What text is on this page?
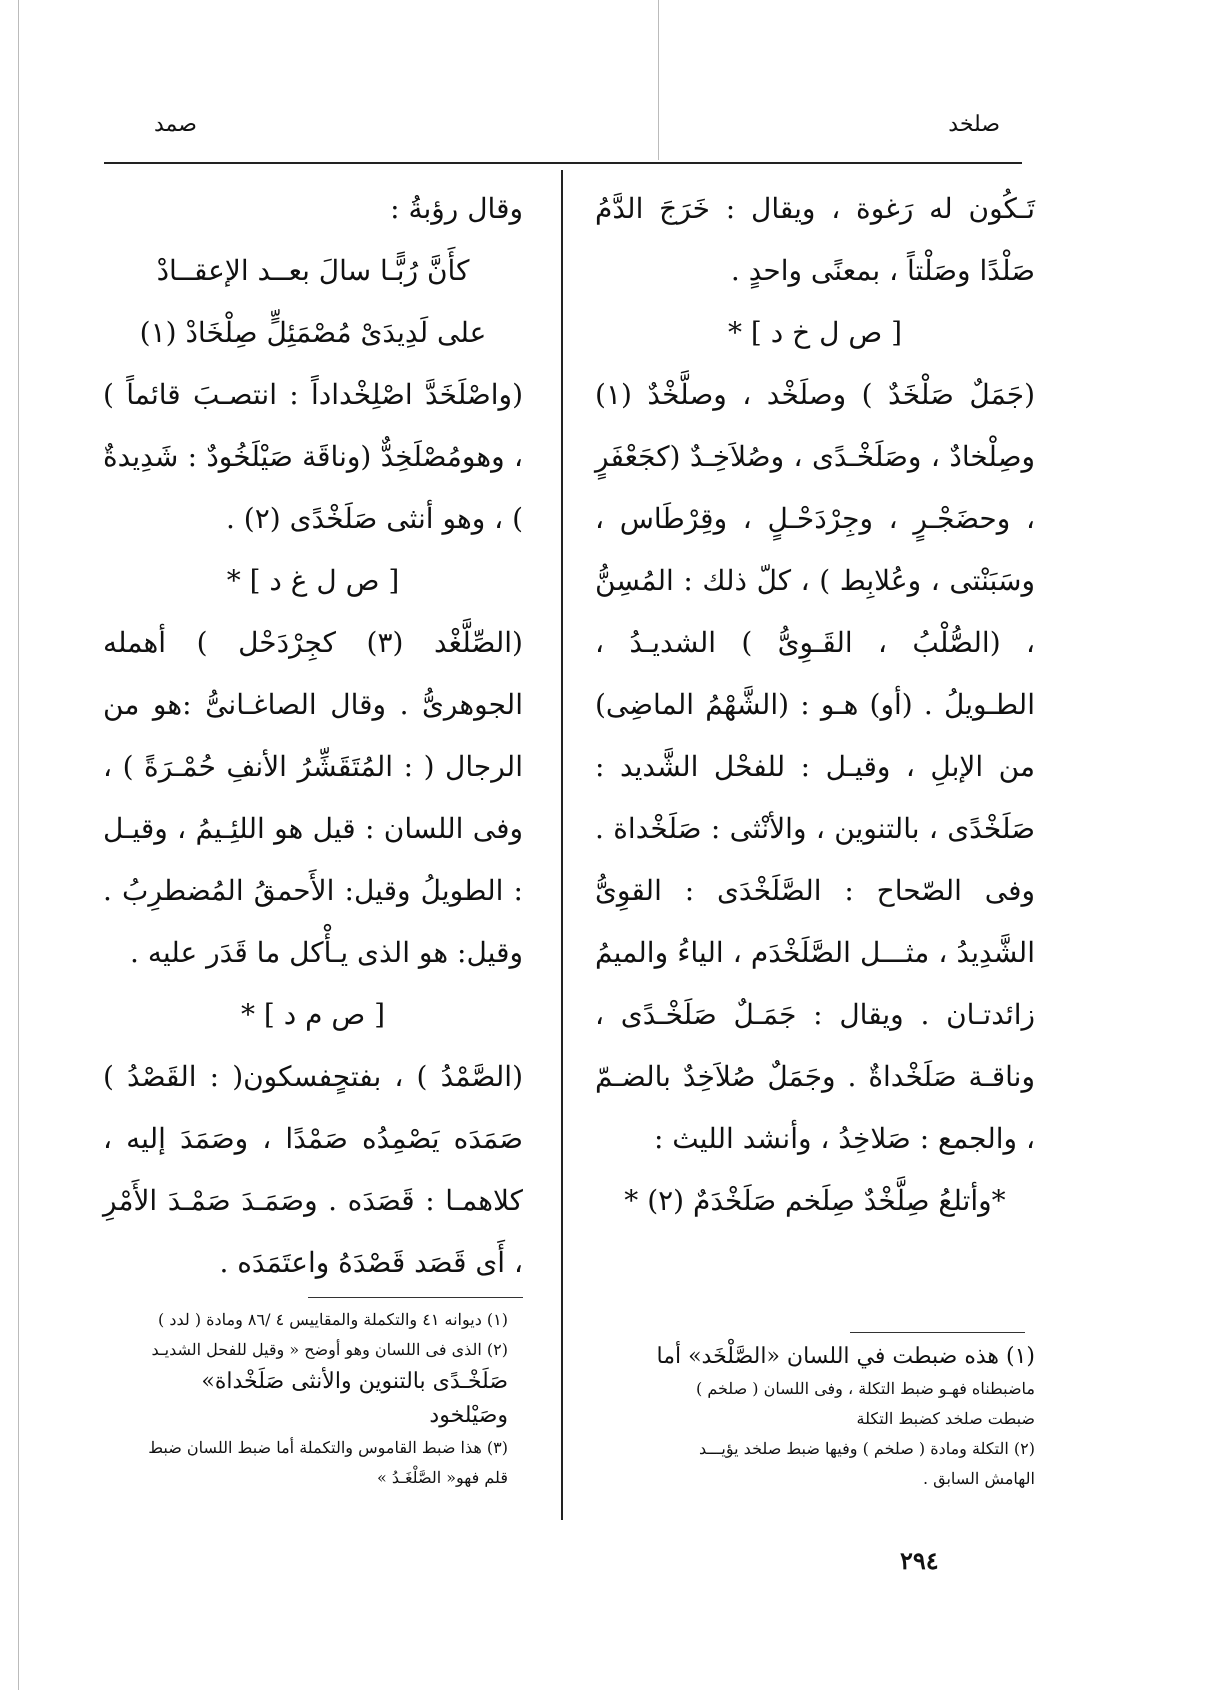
صلخد
صمد

تَـكُون له رَغوة ، ويقال : خَرَجَ الدَّمُ صَلْدًا وصَلْتاً ، بمعنًى واحدٍ .

[ ص ل خ د ] *

(جَمَلٌ صَلْخَدٌ ) وصلَخْد ، وصلَّخْدٌ (١) وصِلْخادٌ ، وصَلَخْـدًى ، وصُلاَخِـدٌ (كجَعْفَرٍ ، وحضَجْـرٍ ، وجِرْدَحْـلٍ ، وقِرْطَاس ، وسَبَنْتى ، وعُلابِط ) ، كلّ ذلك : المُسِنُّ ، (الصُّلْبُ ، القَـوِىُّ ) الشديـدُ ، الطـويلُ . (أو) هـو : (الشَّهْمُ الماضِى) من الإبلِ ، وقيـل : للفحْل الشَّديد : صَلَخْدًى ، بالتنوين ، والأنْثى : صَلَخْداة . وفى الصّحاح : الصَّلَخْدَى : القوِىُّ الشَّدِيدُ ، مثـــل الصَّلَخْدَم ، الياءُ والميمُ زائدتـان . ويقال : جَمَـلٌ صَلَخْـدًى ، وناقـة صَلَخْداةٌ . وجَمَلٌ صُلاَخِدٌ بالضـمّ ، والجمع : صَلاخِدُ ، وأنشد الليث :

*وأتلعُ صِلَّخْدٌ صِلَخم صَلَخْدَمٌ (٢) *

وقال رؤبةُ :

كأَنَّ رُبًّـا سالَ بعــد الإعقــادْ

على لَدِيدَىْ مُصْمَئِلٍّ صِلْخَادْ (١)

(واصْلَخَدَّ اصْلِخْداداً : انتصـبَ قائماً ) ، وهومُصْلَخِدٌّ (وناقَة صَيْلَخُودٌ : شَدِيدةٌ ) ، وهو أنثى صَلَخْدًى (٢) .

[ ص ل غ د ] *

(الصِّلَّغْد (٣) كجِرْدَحْل ) أهمله الجوهرىُّ . وقال الصاغـانىُّ :هو من الرجال ( : المُتَقَشِّرُ الأنفِ حُمْـرَةً ) ، وفى اللسان : قيل هو اللئِـيمُ ، وقيـل : الطويلُ وقيل: الأَحمقُ المُضطرِبُ . وقيل: هو الذى يـأْكل ما قَدَر عليه .

[ ص م د ] *

(الصَّمْدُ ) ، بفتحٍفسكون( : القَصْدُ ) صَمَدَه يَصْمِدُه صَمْدًا ، وصَمَدَ إليه ، كلاهمـا : قَصَدَه . وصَمَـدَ صَمْـدَ الأَمْرِ ، أَى قَصَد قَصْدَهُ واعتَمَدَه .

(١) ديوانه ٤١ والتكملة والمقاييس ٤ /٨٦ ومادة ( لدد )

(٢) الذى فى اللسان وهو أوضح « وقيل للفحل الشديـد

صَلَخْـدًى بالتنوين والأنثى صَلَخْداة»

وصَيْلخود

(٣) هذا ضبط القاموس والتكملة أما ضبط اللسان ضبط

قلم فهو« الصَّلْغَـدُ »

(١) هذه ضبطت في اللسان «الصَّلْخَد» أما

ماضبطناه فهـو ضبط التكلة ، وفى اللسان ( صلخم )

ضبطت صلخد كضبط التكلة

(٢) التكلة ومادة ( صلخم ) وفيها ضبط صلخد يؤيـــد

الهامش السابق .

٢٩٤
